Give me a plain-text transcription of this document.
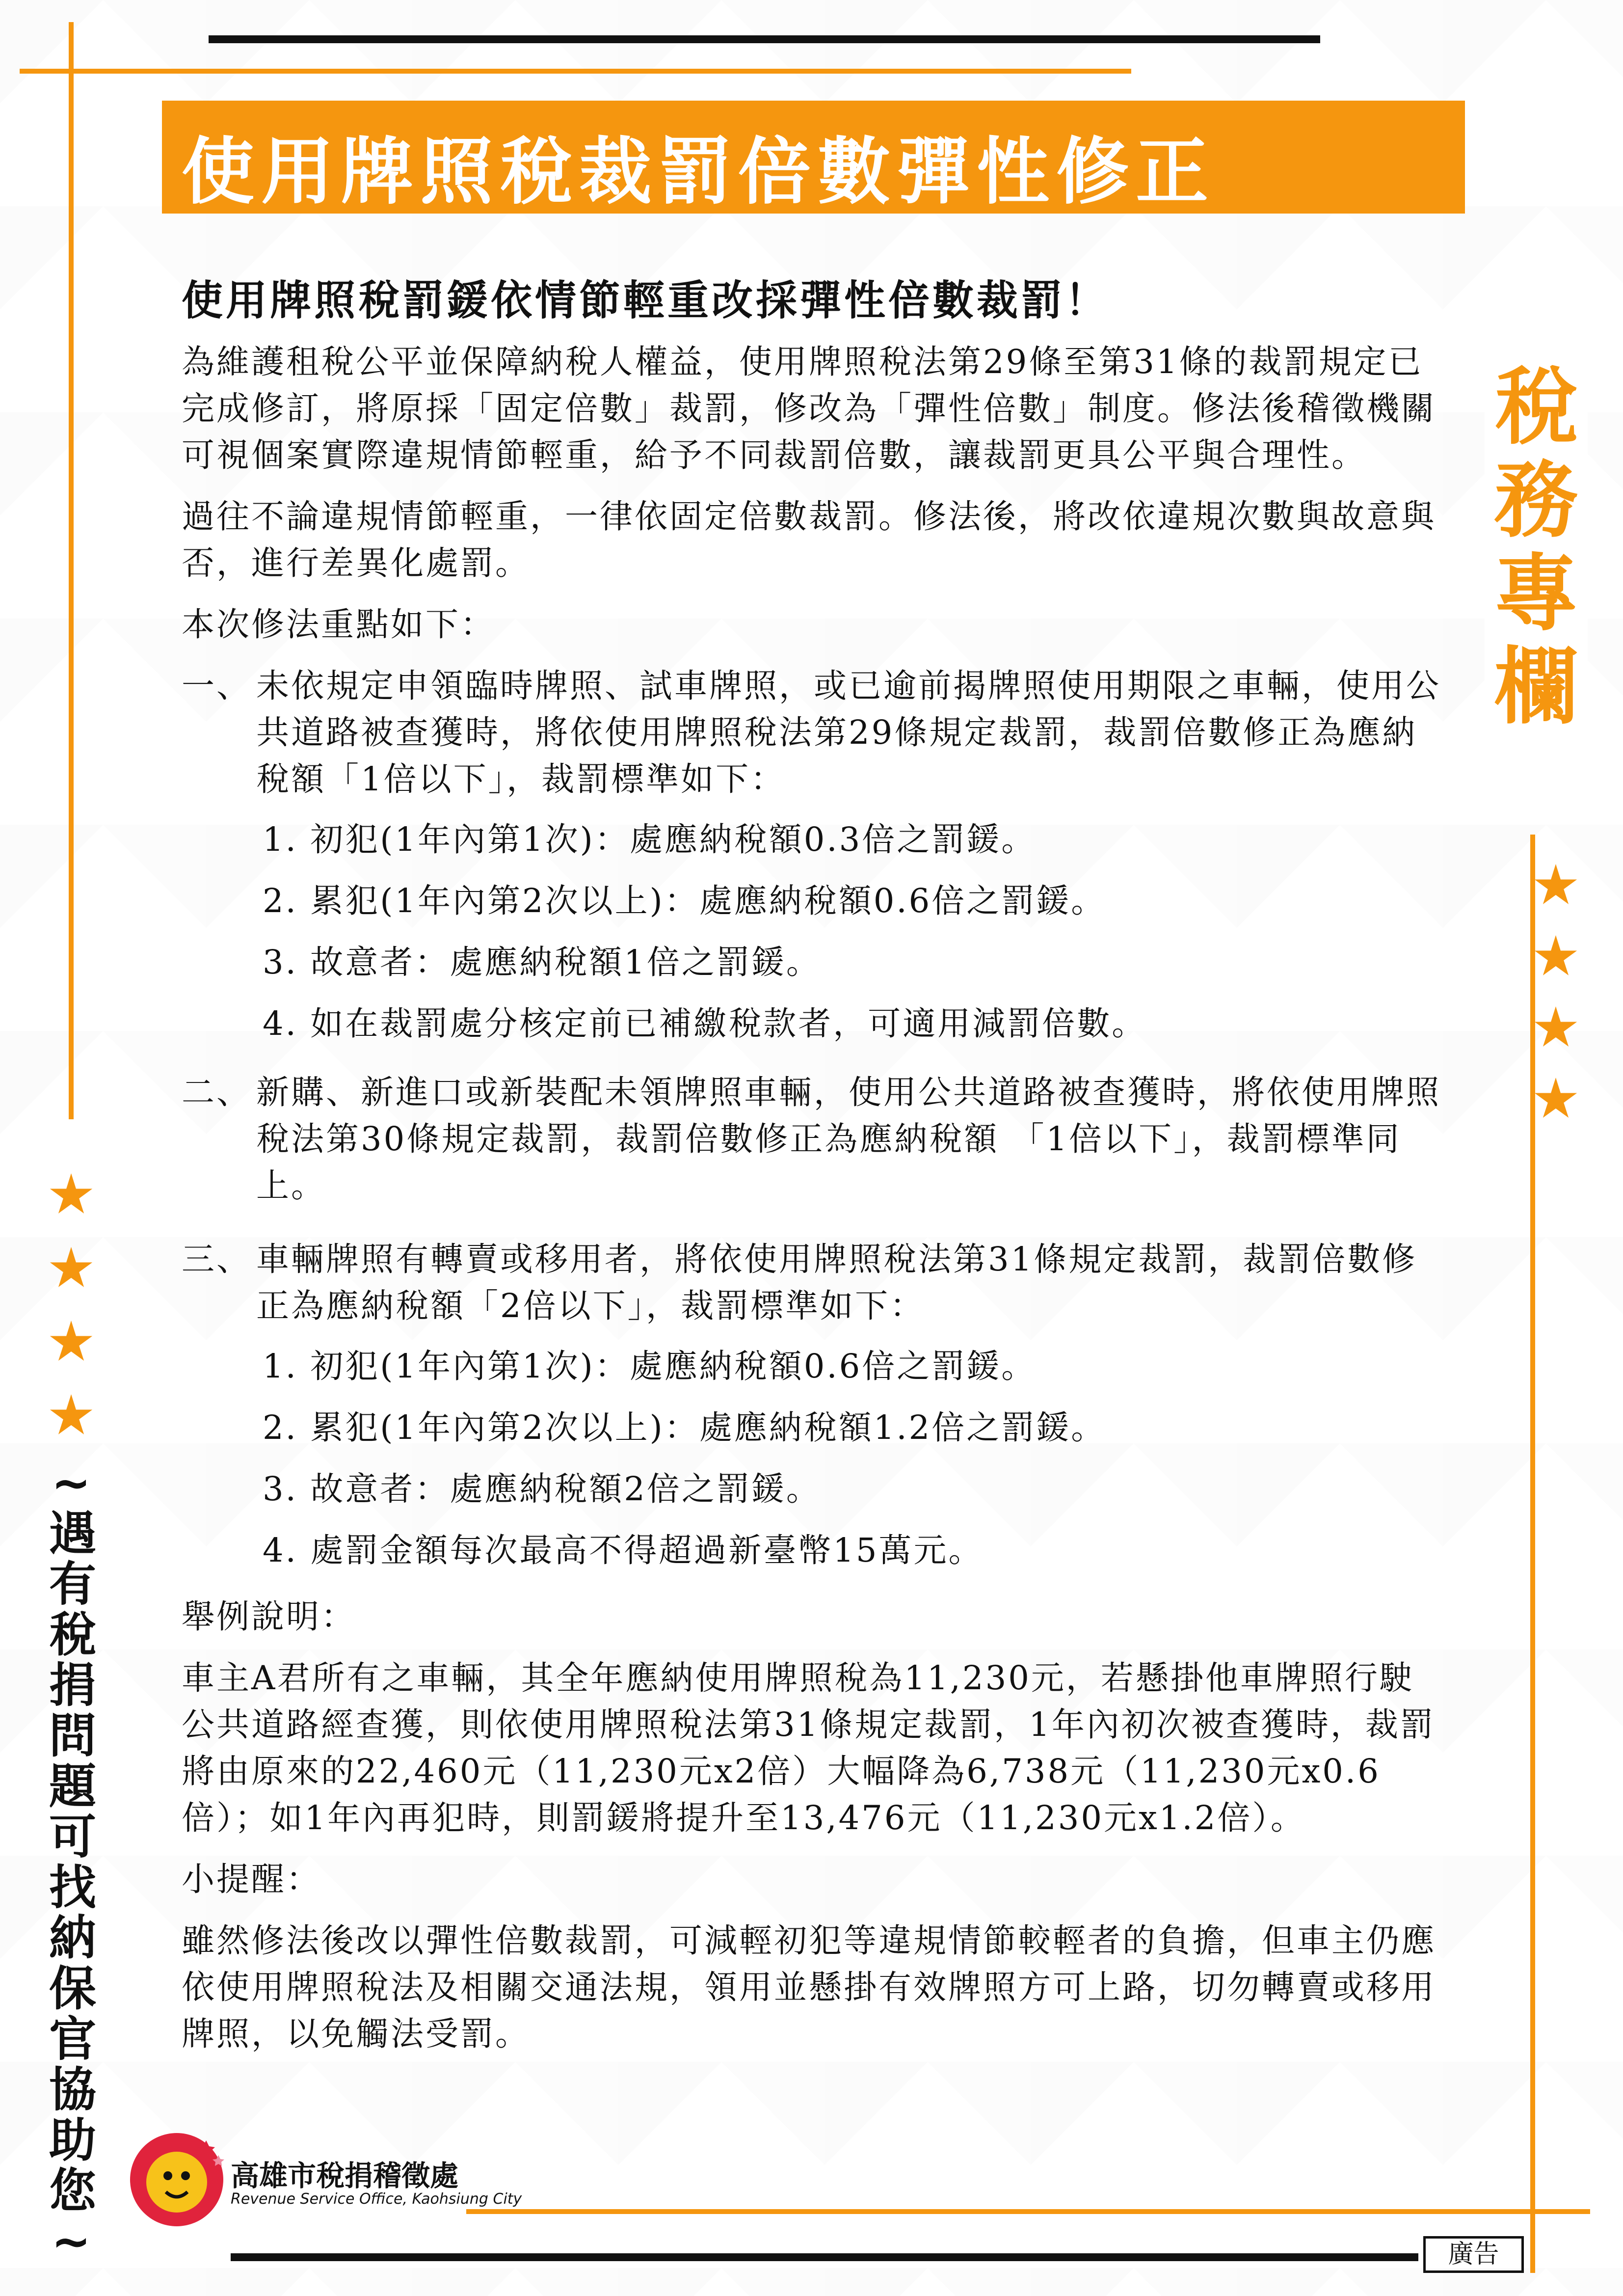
使用牌照稅裁罰倍數彈性修正
使用牌照稅罰鍰依情節輕重改採彈性倍數裁罰！

為維護租稅公平並保障納稅人權益，使用牌照稅法第29條至第31條的裁罰規定已完成修訂，將原採「固定倍數」裁罰，修改為「彈性倍數」制度。修法後稽徵機關可視個案實際違規情節輕重，給予不同裁罰倍數，讓裁罰更具公平與合理性。

過往不論違規情節輕重，一律依固定倍數裁罰。修法後，將改依違規次數與故意與否，進行差異化處罰。

本次修法重點如下：

一、 未依規定申領臨時牌照、試車牌照，或已逾前揭牌照使用期限之車輛，使用公共道路被查獲時，將依使用牌照稅法第29條規定裁罰，裁罰倍數修正為應納稅額「1倍以下」，裁罰標準如下：
1. 初犯(1年內第1次)：處應納稅額0.3倍之罰鍰。
2. 累犯(1年內第2次以上)：處應納稅額0.6倍之罰鍰。
3. 故意者：處應納稅額1倍之罰鍰。
4. 如在裁罰處分核定前已補繳稅款者，可適用減罰倍數。
二、 新購、新進口或新裝配未領牌照車輛，使用公共道路被查獲時，將依使用牌照稅法第30條規定裁罰，裁罰倍數修正為應納稅額 「1倍以下」，裁罰標準同上。
三、 車輛牌照有轉賣或移用者，將依使用牌照稅法第31條規定裁罰，裁罰倍數修正為應納稅額「2倍以下」，裁罰標準如下：
1. 初犯(1年內第1次)：處應納稅額0.6倍之罰鍰。
2. 累犯(1年內第2次以上)：處應納稅額1.2倍之罰鍰。
3. 故意者：處應納稅額2倍之罰鍰。
4. 處罰金額每次最高不得超過新臺幣15萬元。

舉例說明：

車主A君所有之車輛，其全年應納使用牌照稅為11,230元，若懸掛他車牌照行駛公共道路經查獲，則依使用牌照稅法第31條規定裁罰，1年內初次被查獲時，裁罰將由原來的22,460元（11,230元x2倍）大幅降為6,738元（11,230元x0.6倍）；如1年內再犯時，則罰鍰將提升至13,476元（11,230元x1.2倍）。

小提醒：

雖然修法後改以彈性倍數裁罰，可減輕初犯等違規情節較輕者的負擔，但車主仍應依使用牌照稅法及相關交通法規，領用並懸掛有效牌照方可上路，切勿轉賣或移用牌照，以免觸法受罰。

稅
務
專
欄
~
遇
有
稅
捐
問
題
可
找
納
保
官
協
助
您
~
高雄市稅捐稽徵處
Revenue Service Office, Kaohsiung City
廣告
